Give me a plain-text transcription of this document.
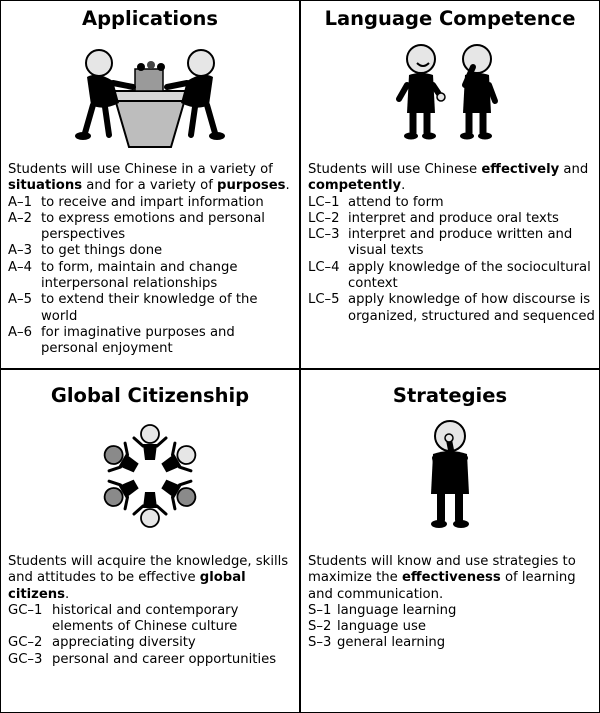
Applications

Students will use Chinese in a variety of situations and for a variety of purposes.

A–1 to receive and impart information
A–2 to express emotions and personal perspectives
A–3 to get things done
A–4 to form, maintain and change interpersonal relationships
A–5 to extend their knowledge of the world
A–6 for imaginative purposes and personal enjoyment
Language Competence

Students will use Chinese effectively and competently.

LC–1 attend to form
LC–2 interpret and produce oral texts
LC–3 interpret and produce written and visual texts
LC–4 apply knowledge of the sociocultural context
LC–5 apply knowledge of how discourse is organized, structured and sequenced
Global Citizenship

Students will acquire the knowledge, skills and attitudes to be effective global citizens.

GC–1 historical and contemporary elements of Chinese culture
GC–2 appreciating diversity
GC–3 personal and career opportunities
Strategies

Students will know and use strategies to maximize the effectiveness of learning and communication.

S–1 language learning
S–2 language use
S–3 general learning
